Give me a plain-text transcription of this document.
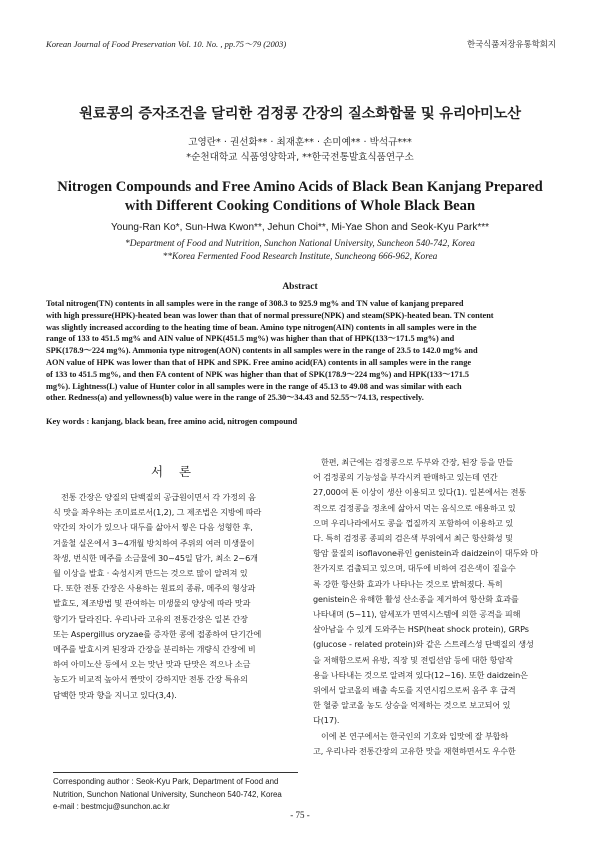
Korean Journal of Food Preservation Vol. 10. No. , pp.75～79 (2003)	한국식품저장유통학회지
원료콩의 증자조건을 달리한 검정콩 간장의 질소화합물 및 유리아미노산
고영란* · 권선화** · 최재훈** · 손미예** · 박석규***
*순천대학교 식품영양학과, **한국전통발효식품연구소
Nitrogen Compounds and Free Amino Acids of Black Bean Kanjang Prepared
with Different Cooking Conditions of Whole Black Bean
Young-Ran Ko*, Sun-Hwa Kwon**, Jehun Choi**, Mi-Yae Shon and Seok-Kyu Park***
*Department of Food and Nutrition, Sunchon National University, Suncheon 540-742, Korea
**Korea Fermented Food Research Institute, Suncheong 666-962, Korea
Abstract
Total nitrogen(TN) contents in all samples were in the range of 308.3 to 925.9 mg% and TN value of kanjang prepared
with high pressure(HPK)-heated bean was lower than that of normal pressure(NPK) and steam(SPK)-heated bean. TN content
was slightly increased according to the heating time of bean. Amino type nitrogen(AIN) contents in all samples were in the
range of 133 to 451.5 mg% and AIN value of NPK(451.5 mg%) was higher than that of HPK(133～171.5 mg%) and
SPK(178.9～224 mg%). Ammonia type nitrogen(AON) contents in all samples were in the range of 23.5 to 142.0 mg% and
AON value of HPK was lower than that of HPK and SPK. Free amino acid(FA) contents in all samples were in the range
of 133 to 451.5 mg%, and then FA content of NPK was higher than that of SPK(178.9～224 mg%) and HPK(133～171.5
mg%). Lightness(L) value of Hunter color in all samples were in the range of 45.13 to 49.08 and was similar with each
other. Redness(a) and yellowness(b) value were in the range of 25.30～34.43 and 52.55～74.13, respectively.
Key words : kanjang, black bean, free amino acid, nitrogen compound
서 론
전통 간장은 양질의 단백질의 공급원이면서 각 가정의 음
식 맛을 좌우하는 조미료로서(1,2), 그 제조법은 지방에 따라
약간의 차이가 있으나 대두를 삶아서 찧은 다음 성형한 후,
겨울철 실온에서 3~4개월 방치하여 주위의 여러 미생물이
착생, 번식한 메주를 소금물에 30~45일 담가, 최소 2~6개
월 이상을 발효 · 숙성시켜 만드는 것으로 많이 알려져 있
다. 또한 전통 간장은 사용하는 원료의 종류, 메주의 형상과
발효도, 제조방법 및 관여하는 미생물의 양상에 따라 맛과
향기가 달라진다. 우리나라 고유의 전통간장은 일본 간장
또는 Aspergillus oryzae를 증자한 콩에 접종하여 단기간에
메주를 발효시켜 된장과 간장을 분리하는 개량식 간장에 비
하여 아미노산 등에서 오는 맛난 맛과 단맛은 적으나 소금
농도가 비교적 높아서 짠맛이 강하지만 전통 간장 특유의
담백한 맛과 향을 지니고 있다(3,4).
한편, 최근에는 검정콩으로 두부와 간장, 된장 등을 만들
어 검정콩의 기능성을 부각시켜 판매하고 있는데 연간
27,000여 톤 이상이 생산 이용되고 있다(1). 일본에서는 전통
적으로 검정콩을 정초에 삶아서 먹는 음식으로 애용하고 있
으며 우리나라에서도 콩을 껍질까지 포함하여 이용하고 있
다. 특히 검정콩 종피의 검은색 부위에서 최근 항산화성 및
항암 물질의 isoflavone류인 genistein과 daidzein이 대두와 마
찬가지로 검출되고 있으며, 대두에 비하여 검은색이 짙을수
록 강한 항산화 효과가 나타나는 것으로 밝혀졌다. 특히
genistein은 유해한 활성 산소종을 제거하여 항산화 효과를
나타내며 (5~11), 암세포가 면역시스템에 의한 공격을 피해
살아남을 수 있게 도와주는 HSP(heat shock protein), GRPs
(glucose - related protein)와 같은 스트레스성 단백질의 생성
을 저해함으로써 유방, 직장 및 전립선암 등에 대한 항암작
용을 나타내는 것으로 알려져 있다(12~16). 또한 daidzein은
위에서 알코올의 배출 속도를 지연시킴으로써 음주 후 급격
한 혈중 알코올 농도 상승을 억제하는 것으로 보고되어 있
다(17).
이에 본 연구에서는 한국인의 기호와 입맛에 잘 부합하
고, 우리나라 전통간장의 고유한 맛을 재현하면서도 우수한
Corresponding author : Seok-Kyu Park, Department of Food and
Nutrition, Sunchon National University, Suncheon 540-742, Korea
e-mail : bestmcju@sunchon.ac.kr
- 75 -
